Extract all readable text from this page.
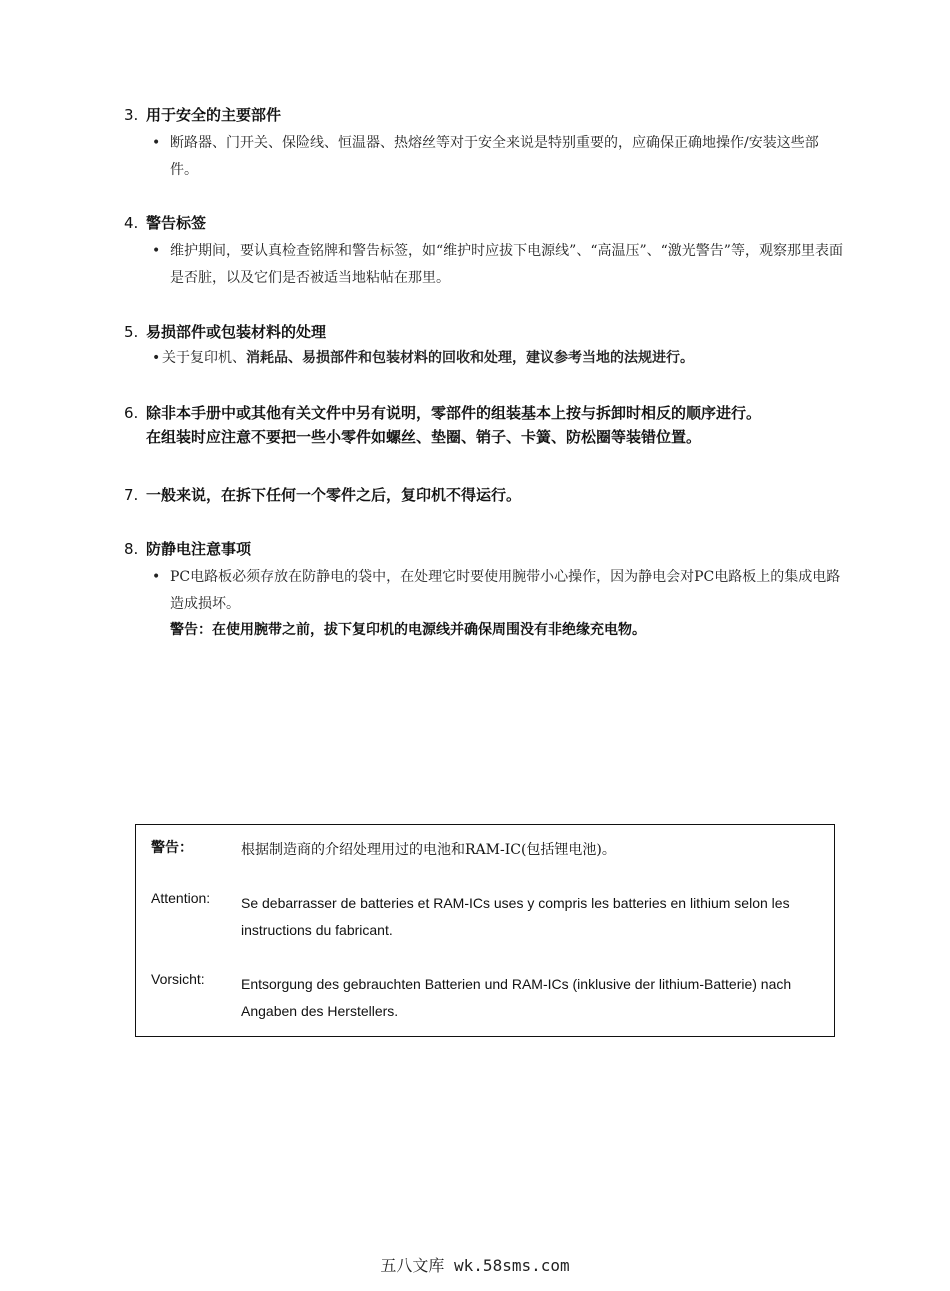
3. 用于安全的主要部件
• 断路器、门开关、保险线、恒温器、热熔丝等对于安全来说是特别重要的，应确保正确地操作/安装这些部件。
4. 警告标签
• 维护期间，要认真检查铭牌和警告标签，如“维护时应拔下电源线”、“高温压”、“激光警告”等，观察那里表面是否脏，以及它们是否被适当地粘帖在那里。
5. 易损部件或包装材料的处理
• 关于复印机、消耗品、易损部件和包装材料的回收和处理，建议参考当地的法规进行。
6. 除非本手册中或其他有关文件中另有说明，零部件的组装基本上按与拆卸时相反的顺序进行。
在组装时应注意不要把一些小零件如螺丝、垫圈、销子、卡簧、防松圈等装错位置。
7. 一般来说，在拆下任何一个零件之后，复印机不得运行。
8. 防静电注意事项
• PC电路板必须存放在防静电的袋中，在处理它时要使用腕带小心操作，因为静电会对PC电路板上的集成电路造成损坏。
警告：在使用腕带之前，拔下复印机的电源线并确保周围没有非绝缘充电物。
警告：	根据制造商的介绍处理用过的电池和RAM-IC(包括锂电池)。
Attention: Se debarrasser de batteries et RAM-ICs uses y compris les batteries en lithium selon les instructions du fabricant.
Vorsicht:	Entsorgung des gebrauchten Batterien und RAM-ICs (inklusive der lithium-Batterie) nach Angaben des Herstellers.
五八文库 wk.58sms.com
